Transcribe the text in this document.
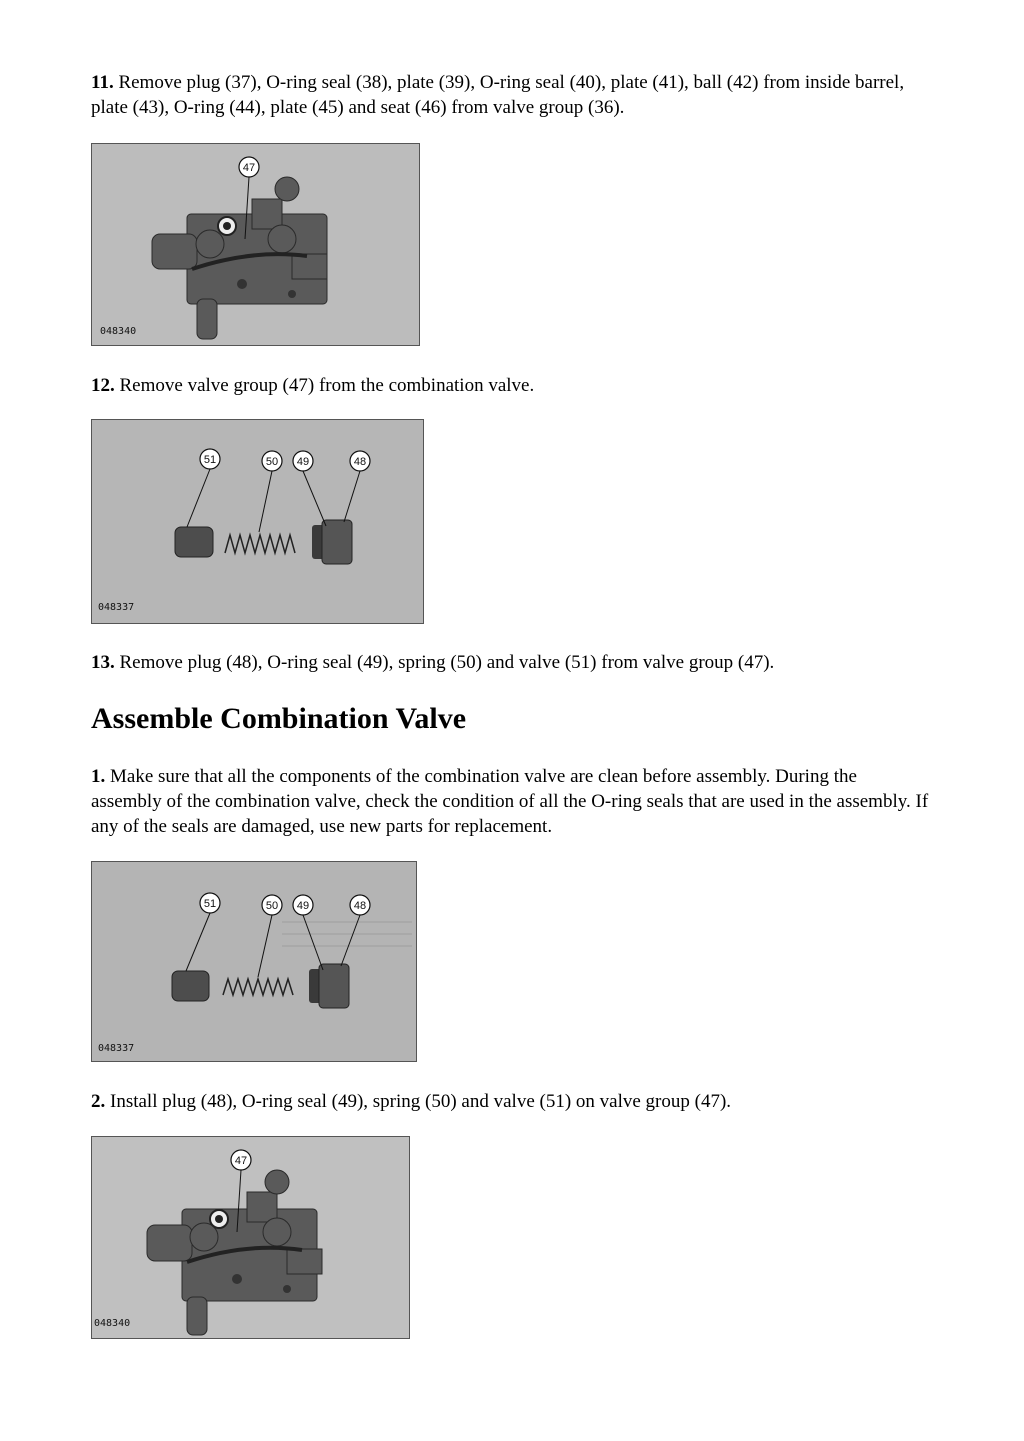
11. Remove plug (37), O-ring seal (38), plate (39), O-ring seal (40), plate (41), ball (42) from inside barrel, plate (43), O-ring (44), plate (45) and seat (46) from valve group (36).

47
048340

12. Remove valve group (47) from the combination valve.

51	50 49	48
048337

13. Remove plug (48), O-ring seal (49), spring (50) and valve (51) from valve group (47).

Assemble Combination Valve

1. Make sure that all the components of the combination valve are clean before assembly. During the assembly of the combination valve, check the condition of all the O-ring seals that are used in the assembly. If any of the seals are damaged, use new parts for replacement.

51	50 49	48
048337

2. Install plug (48), O-ring seal (49), spring (50) and valve (51) on valve group (47).

47
048340
